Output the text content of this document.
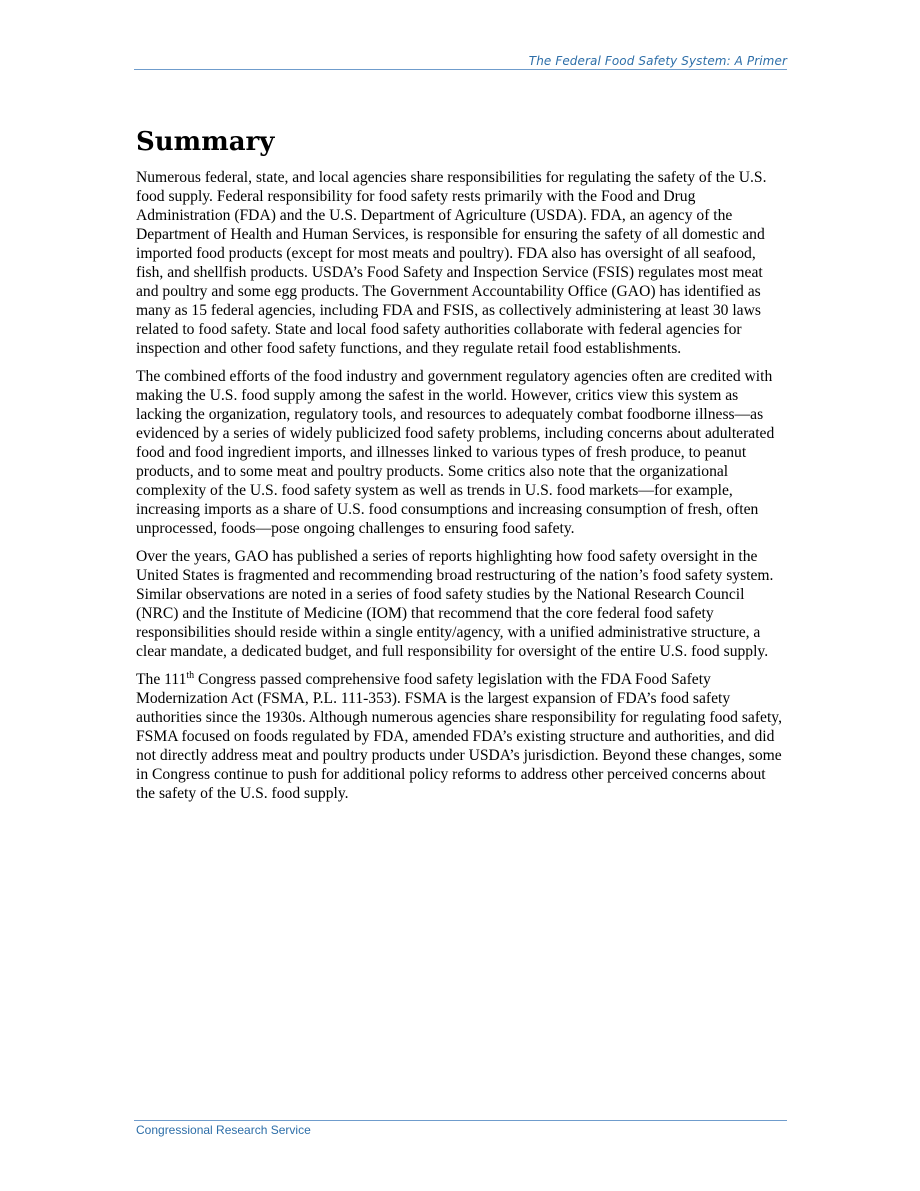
The Federal Food Safety System: A Primer
Summary

Numerous federal, state, and local agencies share responsibilities for regulating the safety of the U.S. food supply. Federal responsibility for food safety rests primarily with the Food and Drug Administration (FDA) and the U.S. Department of Agriculture (USDA). FDA, an agency of the Department of Health and Human Services, is responsible for ensuring the safety of all domestic and imported food products (except for most meats and poultry). FDA also has oversight of all seafood, fish, and shellfish products. USDA’s Food Safety and Inspection Service (FSIS) regulates most meat and poultry and some egg products. The Government Accountability Office (GAO) has identified as many as 15 federal agencies, including FDA and FSIS, as collectively administering at least 30 laws related to food safety. State and local food safety authorities collaborate with federal agencies for inspection and other food safety functions, and they regulate retail food establishments.

The combined efforts of the food industry and government regulatory agencies often are credited with making the U.S. food supply among the safest in the world. However, critics view this system as lacking the organization, regulatory tools, and resources to adequately combat foodborne illness—as evidenced by a series of widely publicized food safety problems, including concerns about adulterated food and food ingredient imports, and illnesses linked to various types of fresh produce, to peanut products, and to some meat and poultry products. Some critics also note that the organizational complexity of the U.S. food safety system as well as trends in U.S. food markets—for example, increasing imports as a share of U.S. food consumptions and increasing consumption of fresh, often unprocessed, foods—pose ongoing challenges to ensuring food safety.

Over the years, GAO has published a series of reports highlighting how food safety oversight in the United States is fragmented and recommending broad restructuring of the nation’s food safety system. Similar observations are noted in a series of food safety studies by the National Research Council (NRC) and the Institute of Medicine (IOM) that recommend that the core federal food safety responsibilities should reside within a single entity/agency, with a unified administrative structure, a clear mandate, a dedicated budget, and full responsibility for oversight of the entire U.S. food supply.

The 111th Congress passed comprehensive food safety legislation with the FDA Food Safety Modernization Act (FSMA, P.L. 111-353). FSMA is the largest expansion of FDA’s food safety authorities since the 1930s. Although numerous agencies share responsibility for regulating food safety, FSMA focused on foods regulated by FDA, amended FDA’s existing structure and authorities, and did not directly address meat and poultry products under USDA’s jurisdiction. Beyond these changes, some in Congress continue to push for additional policy reforms to address other perceived concerns about the safety of the U.S. food supply.

Congressional Research Service
